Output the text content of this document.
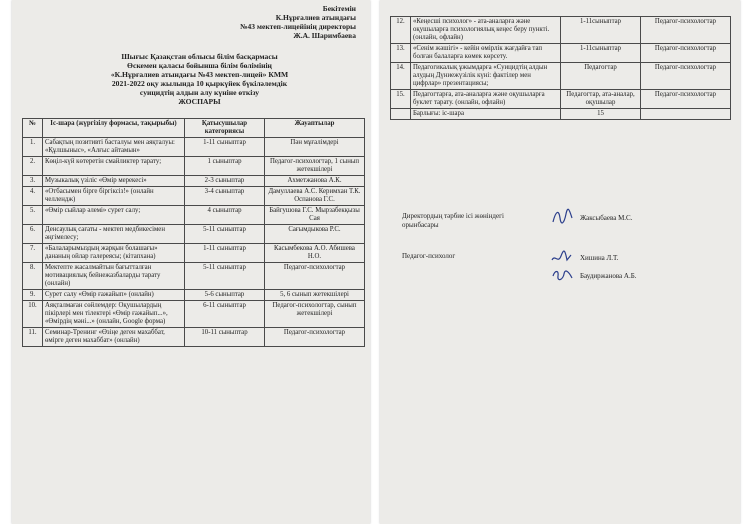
Бекітемін
К.Нұрғалиев атындағы
№43 мектеп-лицейінің директоры
Ж.А. Шаримбаева
Шығыс Қазақстан облысы білім басқармасы
Өскемен қаласы бойынша білім бөлімінің
«К.Нұрғалиев атындағы №43 мектеп-лицей» КММ
2021-2022 оқу жылында 10 қыркүйек бүкіләлемдік
суицидтің алдын алу күніне өткізу
ЖОСПАРЫ
№	Іс-шара (жүргізілу формасы, тақырыбы)	Қатысушылар категориясы	Жауаптылар
1.	Сабақтың позитивті басталуы мен аяқталуы: «Құлшыныс», «Алғыс айтамын»	1-11 сыныптар	Пән мұғалімдері
2.	Көңіл-күй көтеретін смайликтер тарату;	1 сыныптар	Педагог-психологтар, 1 сынып жетекшілері
3.	Музыкалық үзіліс «Өмір мерекесі»	2-3 сыныптар	Ахметжанова А.К.
4.	«Отбасымен бірге біргіксіз!» (онлайн челлендж)	3-4 сыныптар	Дамуллаева А.С. Керимхан Т.К. Оспанова Г.С.
5.	«Өмір сыйлар әлемі» сурет салу;	4 сыныптар	Байгушова Г.С. Мырзабекқызы Сая
6.	Денсаулық сағаты - мектеп медбикесімен әңгімелесу;	5-11 сыныптар	Сағымдыкова Р.С.
7.	«Балаларымыздың жарқын болашағы» дананың ойлар галереясы; (кітапхана)	1-11 сыныптар	Касымбекова А.О. Абишева Н.О.
8.	Мектепте жасалмайтын бағытталған мотивациялық бейнежазбаларды тарату (онлайн)	5-11 сыныптар	Педагог-психологтар
9.	Сурет салу «Өмір ғажайып» (онлайн)	5-6 сыныптар	5, 6 сынып жетекшілері
10.	Аяқталмаған сөйлемдер: Оқушылардың пікірлері мен тілектері «Өмір ғажайып...», «Өмірдің мәні...» (онлайн, Google форма)	6-11 сыныптар	Педагог-психологтар, сынып жетекшілері
11.	Семинар-Тренинг «Өзіңе деген махаббат, өмірге деген махаббат» (онлайн)	10-11 сыныптар	Педагог-психологтар
12.	«Кеңесші психолог» - ата-аналарға және оқушыларға психологиялық кеңес беру пункті. (онлайн, офлайн)	1-11сыныптар	Педагог-психологтар
13.	«Сенім жәшігі» - кейін өмірлік жағдайға тап болған балаларға көмек көрсету.	1-11сыныптар	Педагог-психологтар
14.	Педагогикалық ұжымдарға «Суицидтің алдын алудың Дүниежүзілік күні: фактілер мен цифрлар» презентациясы;	Педагогтар	Педагог-психологтар
15.	Педагогтарға, ата-аналарға және оқушыларға буклет тарату. (онлайн, офлайн)	Педагогтар, ата-аналар, оқушылар	Педагог-психологтар
	Барлығы: іс-шара	15	
Директордың тәрбие ісі жөніндегі орынбасары
Жаксыбаева М.С.
Педагог-психолог	Хишина Л.Т.
Баудиржанова А.Б.
